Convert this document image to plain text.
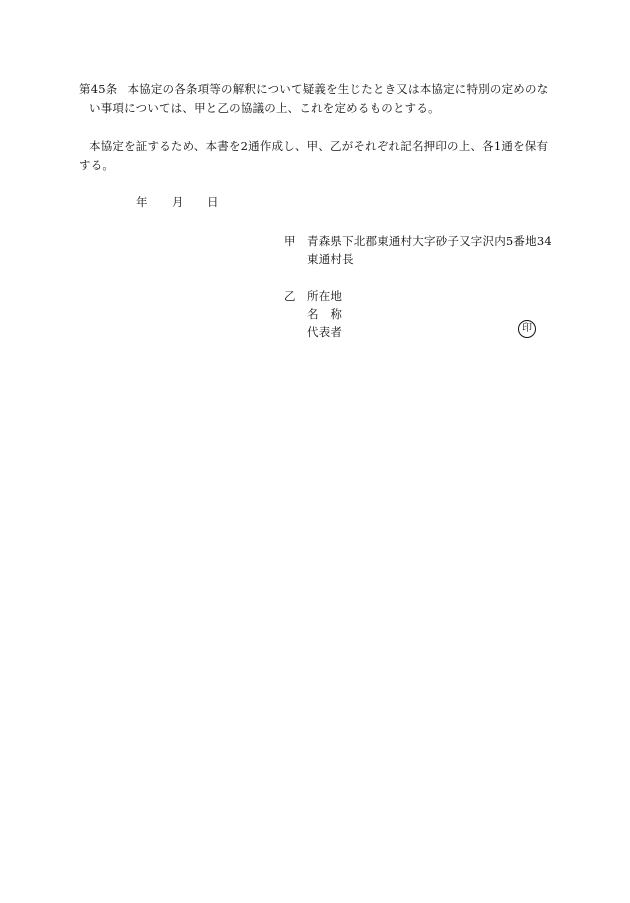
第45条 本協定の各条項等の解釈について疑義を生じたとき又は本協定に特別の定めのな
い事項については、甲と乙の協議の上、これを定めるものとする。
本協定を証するため、本書を2通作成し、甲、乙がそれぞれ記名押印の上、各1通を保有
する。
年 月 日
甲 青森県下北郡東通村大字砂子又字沢内5番地34
東通村長
乙 所在地
名　称
代表者	印
